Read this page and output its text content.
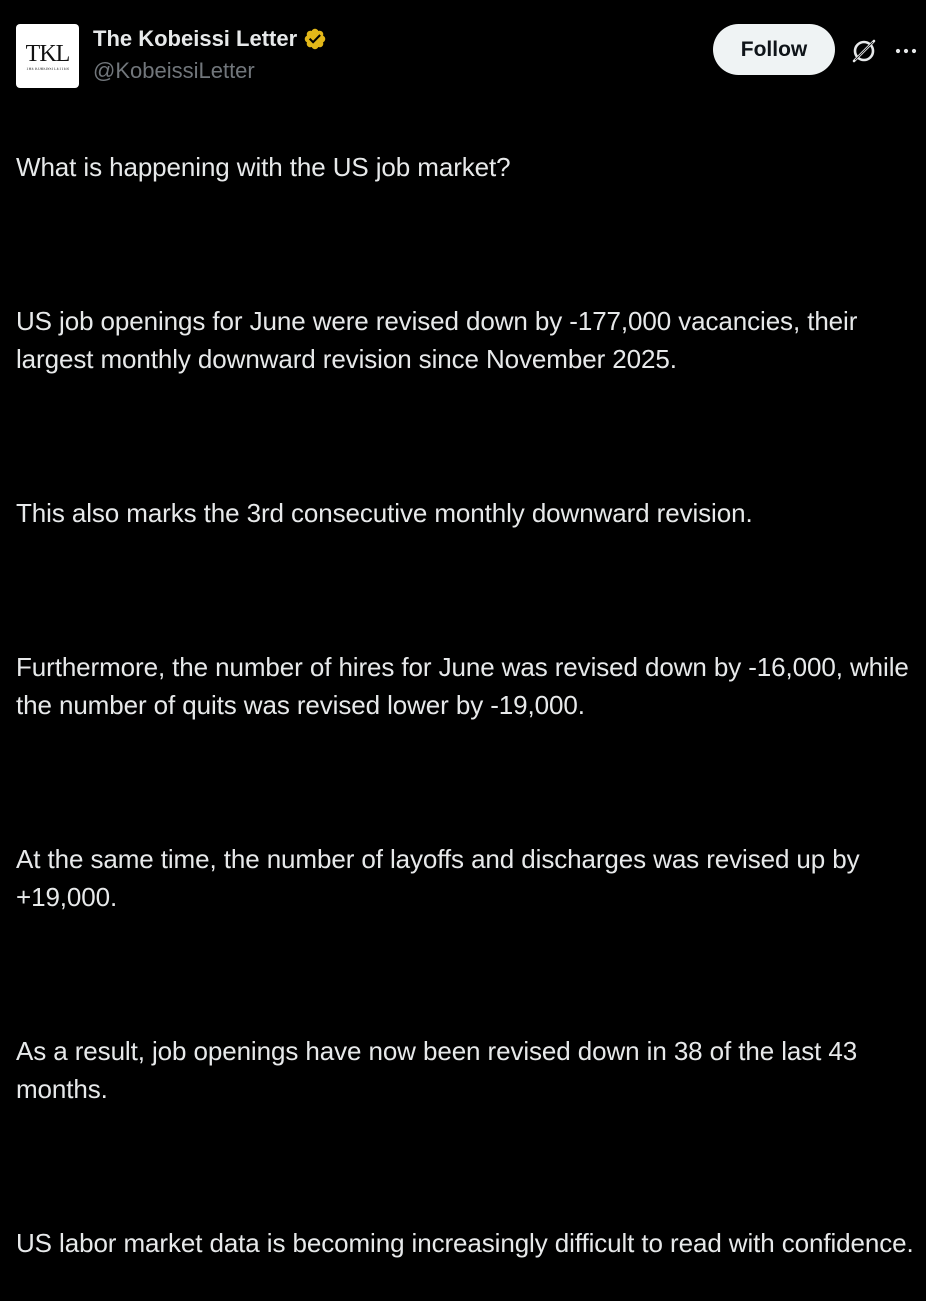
TKL
THE KOBEISSI LETTER
The Kobeissi Letter
@KobeissiLetter
Follow

What is happening with the US job market?

US job openings for June were revised down by -177,000 vacancies, their largest monthly downward revision since November 2025.

This also marks the 3rd consecutive monthly downward revision.

Furthermore, the number of hires for June was revised down by -16,000, while the number of quits was revised lower by -19,000.

At the same time, the number of layoffs and discharges was revised up by +19,000.

As a result, job openings have now been revised down in 38 of the last 43 months.

US labor market data is becoming increasingly difficult to read with confidence.
